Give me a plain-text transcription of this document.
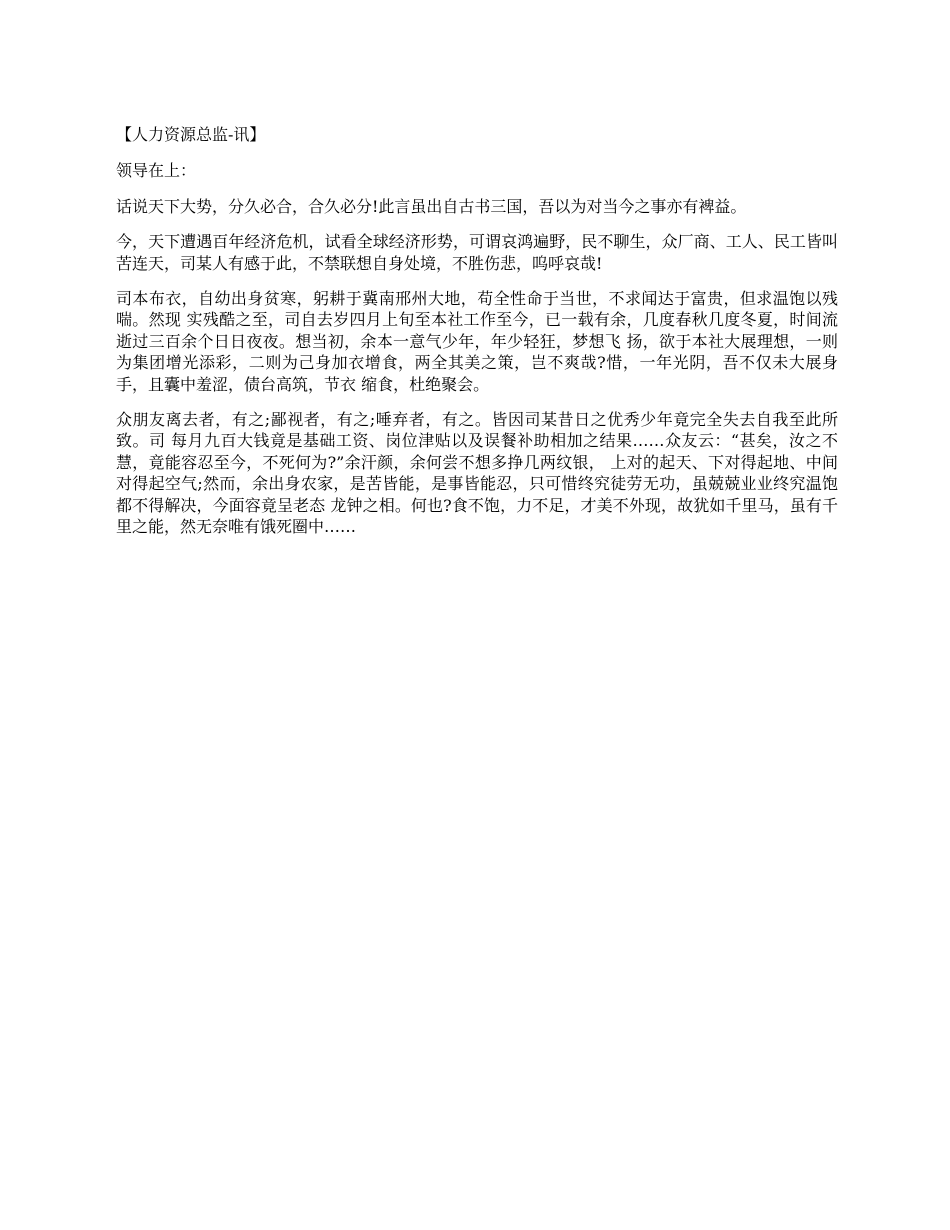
【人力资源总监-讯】

领导在上：

话说天下大势，分久必合，合久必分!此言虽出自古书三国，吾以为对当今之事亦有裨益。

今，天下遭遇百年经济危机，试看全球经济形势，可谓哀鸿遍野，民不聊生，众厂商、工人、民工皆叫苦连天，司某人有感于此，不禁联想自身处境，不胜伤悲，呜呼哀哉!

司本布衣，自幼出身贫寒，躬耕于冀南邢州大地，苟全性命于当世，不求闻达于富贵，但求温饱以残喘。然现 实残酷之至，司自去岁四月上旬至本社工作至今，已一载有余，几度春秋几度冬夏，时间流逝过三百余个日日夜夜。想当初，余本一意气少年，年少轻狂，梦想飞 扬，欲于本社大展理想，一则为集团增光添彩，二则为己身加衣增食，两全其美之策，岂不爽哉?惜，一年光阴，吾不仅未大展身手，且囊中羞涩，债台高筑，节衣 缩食，杜绝聚会。

众朋友离去者，有之;鄙视者，有之;唾弃者，有之。皆因司某昔日之优秀少年竟完全失去自我至此所致。司 每月九百大钱竟是基础工资、岗位津贴以及误餐补助相加之结果……众友云：“甚矣，汝之不慧，竟能容忍至今，不死何为?”余汗颜，余何尝不想多挣几两纹银， 上对的起天、下对得起地、中间对得起空气;然而，余出身农家，是苦皆能，是事皆能忍，只可惜终究徒劳无功，虽兢兢业业终究温饱都不得解决，今面容竟呈老态 龙钟之相。何也?食不饱，力不足，才美不外现，故犹如千里马，虽有千里之能，然无奈唯有饿死圈中……
